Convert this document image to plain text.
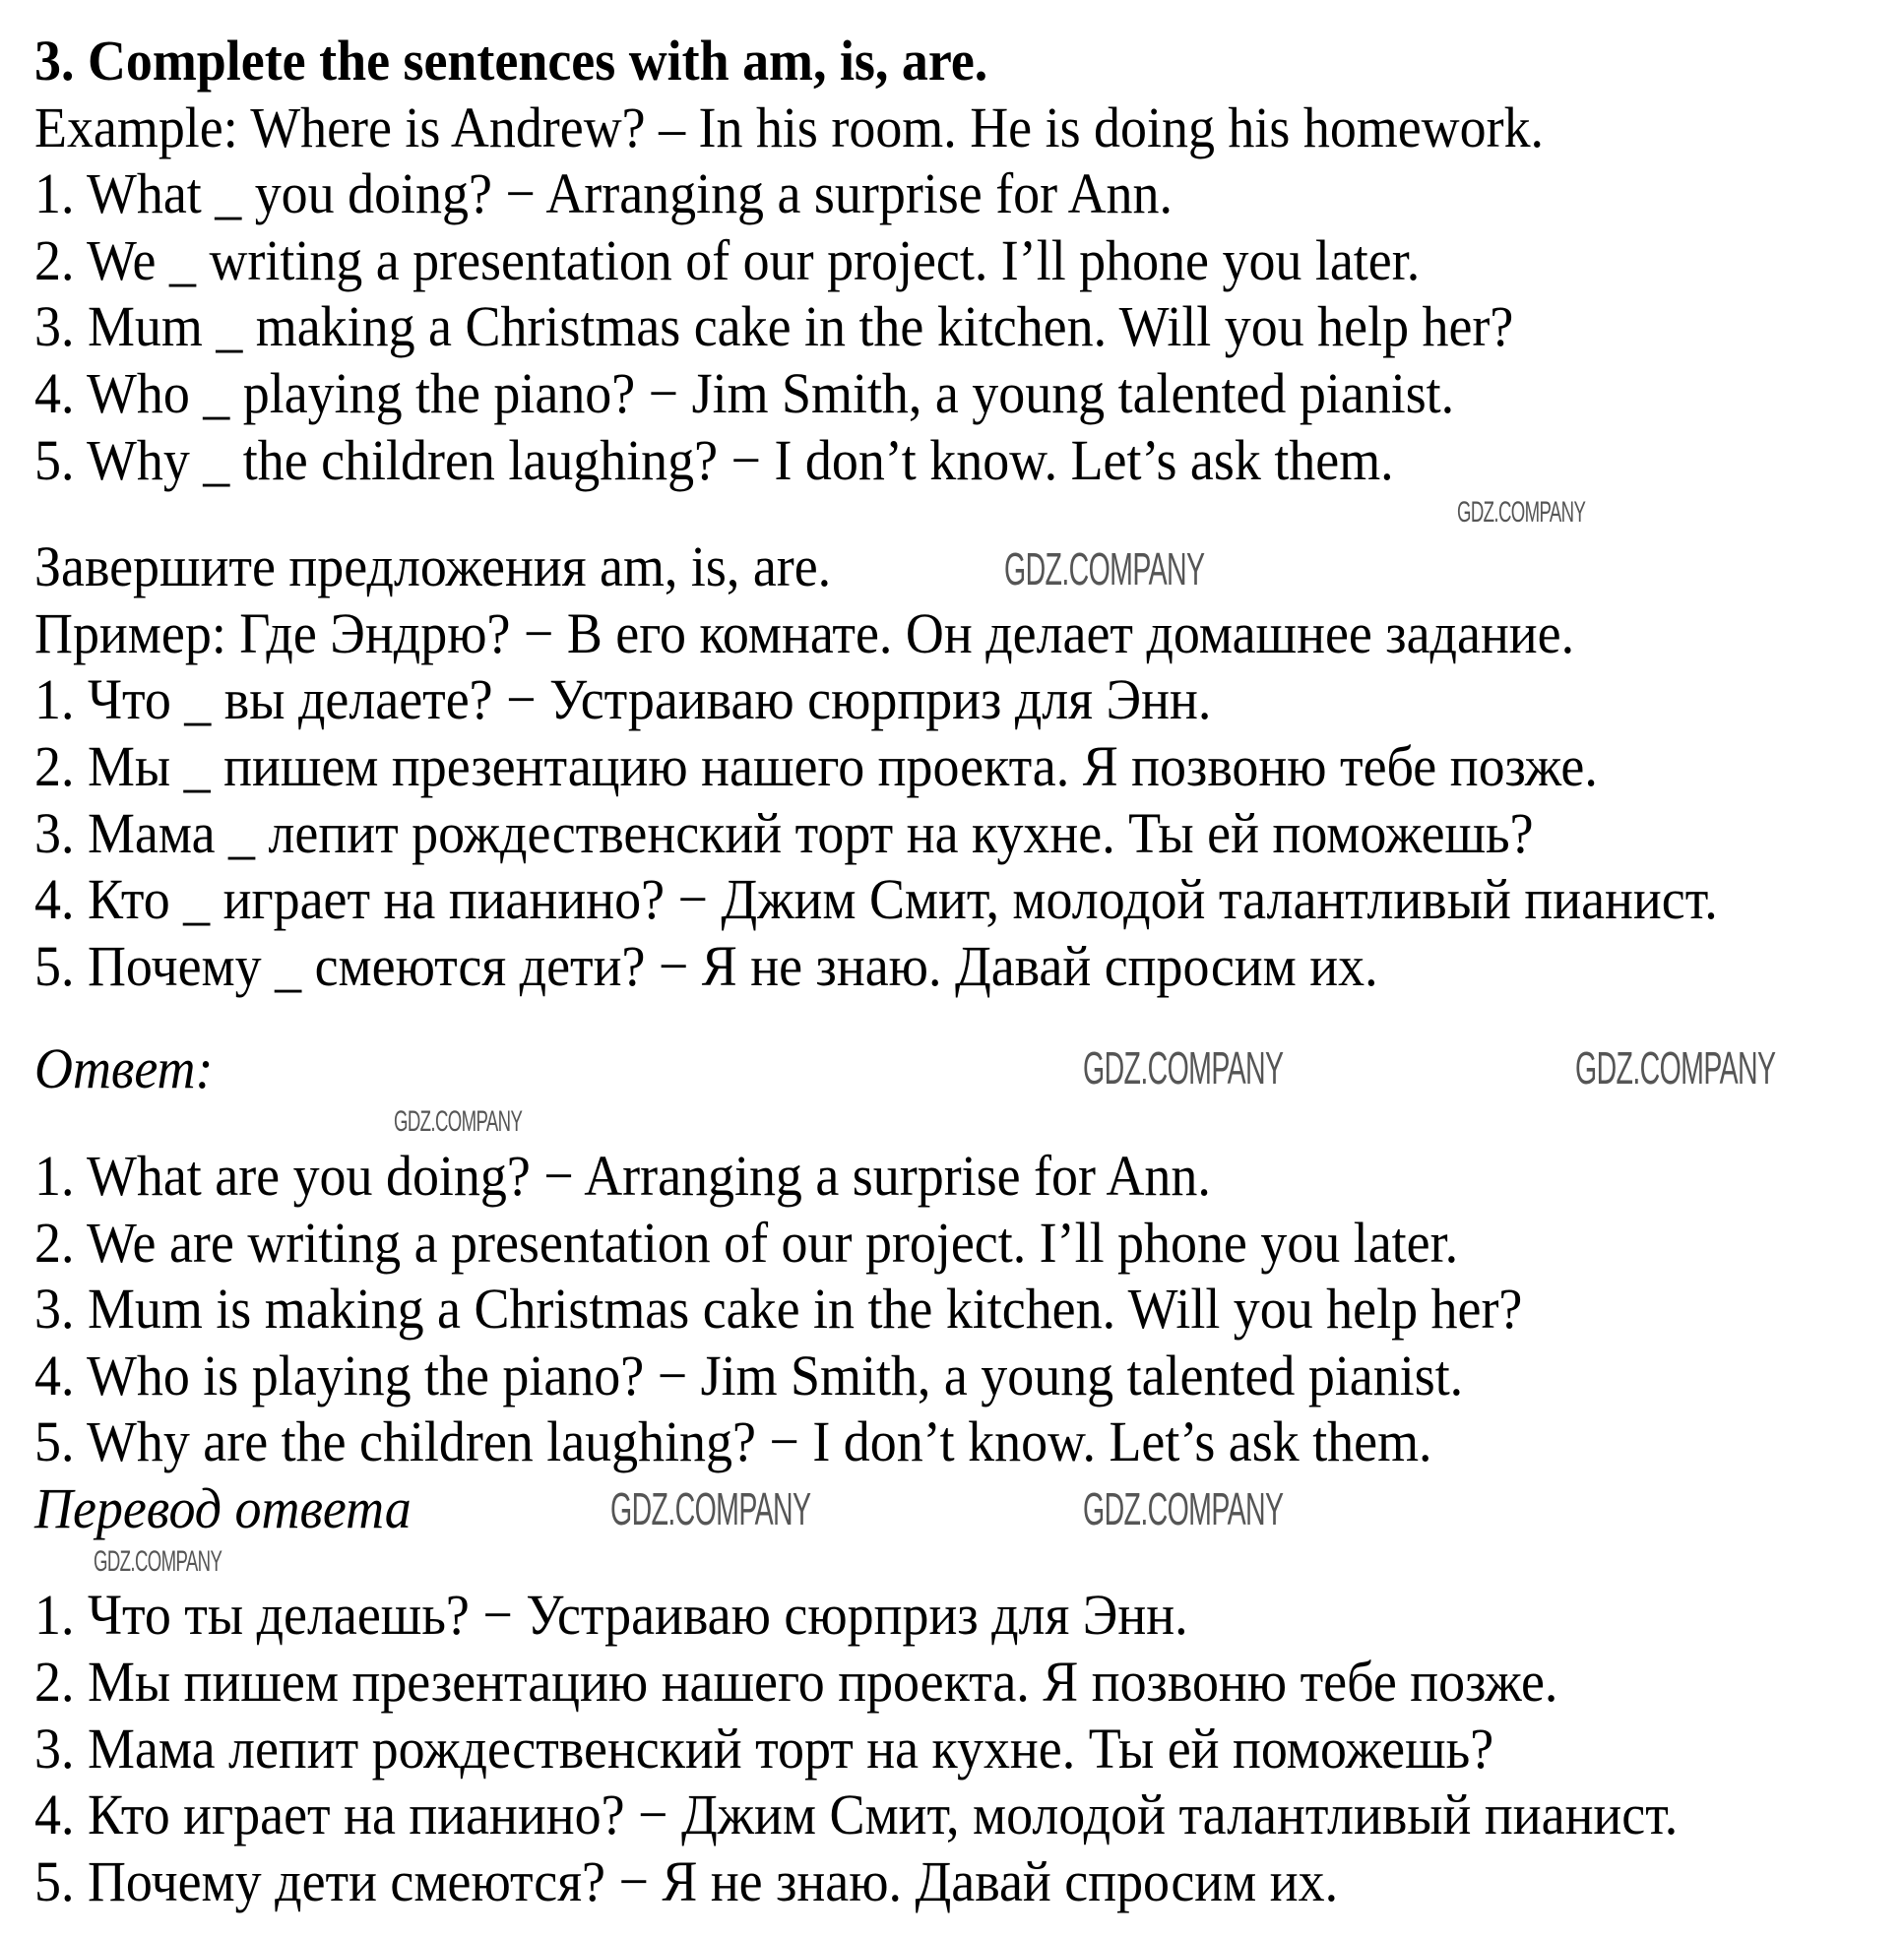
3. Complete the sentences with am, is, are.
Example: Where is Andrew? – In his room. He is doing his homework.
1. What _ you doing? − Arranging a surprise for Ann.
2. We _ writing a presentation of our project. I’ll phone you later.
3. Mum _ making a Christmas cake in the kitchen. Will you help her?
4. Who _ playing the piano? − Jim Smith, a young talented pianist.
5. Why _ the children laughing? − I don’t know. Let’s ask them.
Завершите предложения am, is, are.
Пример: Где Эндрю? − В его комнате. Он делает домашнее задание.
1. Что _ вы делаете? − Устраиваю сюрприз для Энн.
2. Мы _ пишем презентацию нашего проекта. Я позвоню тебе позже.
3. Мама _ лепит рождественский торт на кухне. Ты ей поможешь?
4. Кто _ играет на пианино? − Джим Смит, молодой талантливый пианист.
5. Почему _ смеются дети? − Я не знаю. Давай спросим их.
Ответ:
1. What are you doing? − Arranging a surprise for Ann.
2. We are writing a presentation of our project. I’ll phone you later.
3. Mum is making a Christmas cake in the kitchen. Will you help her?
4. Who is playing the piano? − Jim Smith, a young talented pianist.
5. Why are the children laughing? − I don’t know. Let’s ask them.
Перевод ответа
1. Что ты делаешь? − Устраиваю сюрприз для Энн.
2. Мы пишем презентацию нашего проекта. Я позвоню тебе позже.
3. Мама лепит рождественский торт на кухне. Ты ей поможешь?
4. Кто играет на пианино? − Джим Смит, молодой талантливый пианист.
5. Почему дети смеются? − Я не знаю. Давай спросим их.
GDZ.COMPANY
GDZ.COMPANY
GDZ.COMPANY	GDZ.COMPANY
GDZ.COMPANY
GDZ.COMPANY	GDZ.COMPANY
GDZ.COMPANY
